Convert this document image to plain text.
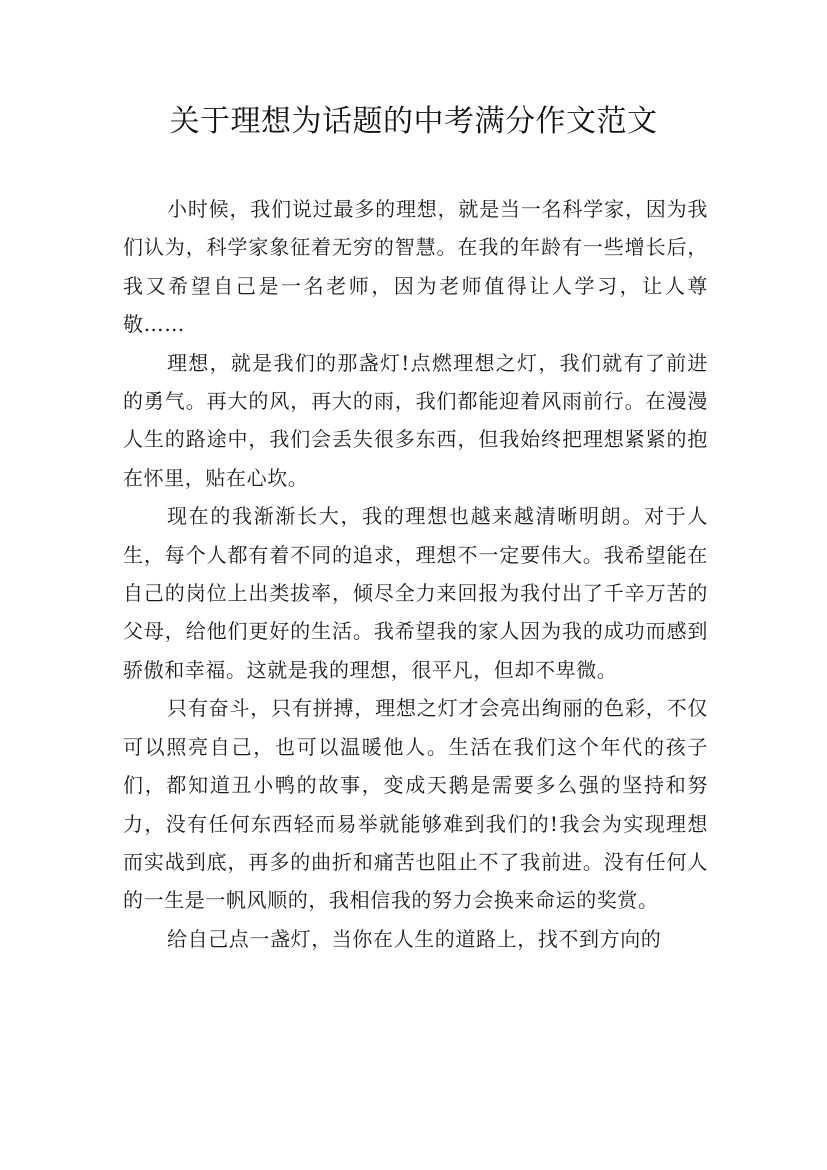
关于理想为话题的中考满分作文范文

小时候，我们说过最多的理想，就是当一名科学家，因为我们认为，科学家象征着无穷的智慧。在我的年龄有一些增长后，我又希望自己是一名老师，因为老师值得让人学习，让人尊敬……

理想，就是我们的那盏灯!点燃理想之灯，我们就有了前进的勇气。再大的风，再大的雨，我们都能迎着风雨前行。在漫漫人生的路途中，我们会丢失很多东西，但我始终把理想紧紧的抱在怀里，贴在心坎。

现在的我渐渐长大，我的理想也越来越清晰明朗。对于人生，每个人都有着不同的追求，理想不一定要伟大。我希望能在自己的岗位上出类拔率，倾尽全力来回报为我付出了千辛万苦的父母，给他们更好的生活。我希望我的家人因为我的成功而感到骄傲和幸福。这就是我的理想，很平凡，但却不卑微。

只有奋斗，只有拼搏，理想之灯才会亮出绚丽的色彩，不仅可以照亮自己，也可以温暖他人。生活在我们这个年代的孩子们，都知道丑小鸭的故事，变成天鹅是需要多么强的坚持和努力，没有任何东西轻而易举就能够难到我们的!我会为实现理想而实战到底，再多的曲折和痛苦也阻止不了我前进。没有任何人的一生是一帆风顺的，我相信我的努力会换来命运的奖赏。

给自己点一盏灯，当你在人生的道路上，找不到方向的
